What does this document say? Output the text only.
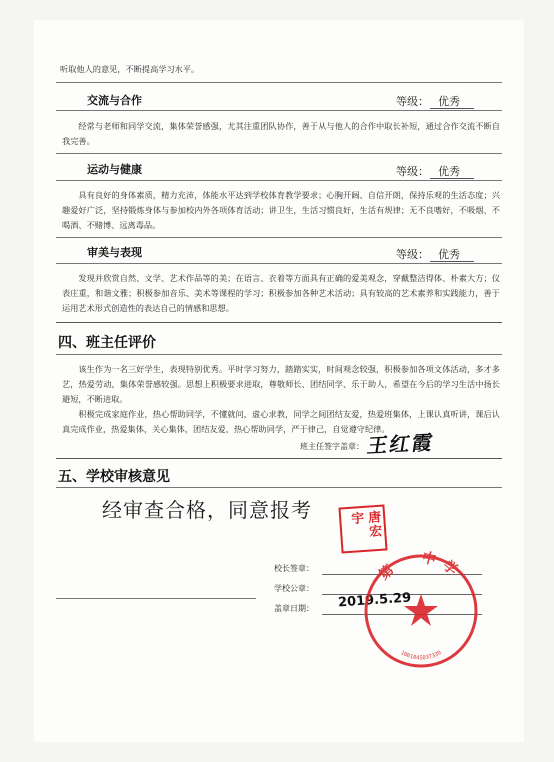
听取他人的意见，不断提高学习水平。
交流与合作	等级： 优秀
经常与老师和同学交流，集体荣誉感强，尤其注重团队协作，善于从与他人的合作中取长补短，通过合作交流不断自我完善。
运动与健康	等级： 优秀
具有良好的身体素质，精力充沛，体能水平达到学校体育教学要求；心胸开阔、自信开朗，保持乐观的生活态度；兴趣爱好广泛，坚持锻炼身体与参加校内外各项体育活动；讲卫生，生活习惯良好，生活有规律；无不良嗜好，不吸烟、不喝酒、不赌博、远离毒品。
审美与表现	等级： 优秀
发现并欣赏自然、文学、艺术作品等的美；在语言、衣着等方面具有正确的爱美观念，穿戴整洁得体、朴素大方；仪表庄重，和谐文雅；积极参加音乐、美术等课程的学习；积极参加各种艺术活动；具有较高的艺术素养和实践能力，善于运用艺术形式创造性的表达自己的情感和思想。
四、班主任评价
该生作为一名三好学生，表现特别优秀。平时学习努力，踏踏实实，时间观念较强，积极参加各项文体活动，多才多艺，热爱劳动，集体荣誉感较强。思想上积极要求进取，尊敬师长、团结同学、乐于助人，希望在今后的学习生活中扬长避短，不断进取。
积极完成家庭作业，热心帮助同学，不懂就问，虚心求教，同学之间团结友爱，热爱班集体，上课认真听讲，课后认真完成作业，热爱集体，关心集体，团结友爱，热心帮助同学，严于律己，自觉遵守纪律。
班主任签字盖章： 王红霞
五、学校审核意见
经审查合格，同意报考	唐宏宇
校长签章：
学校公章：
盖章日期： 2019.5.29
第一中学
1001045037330
